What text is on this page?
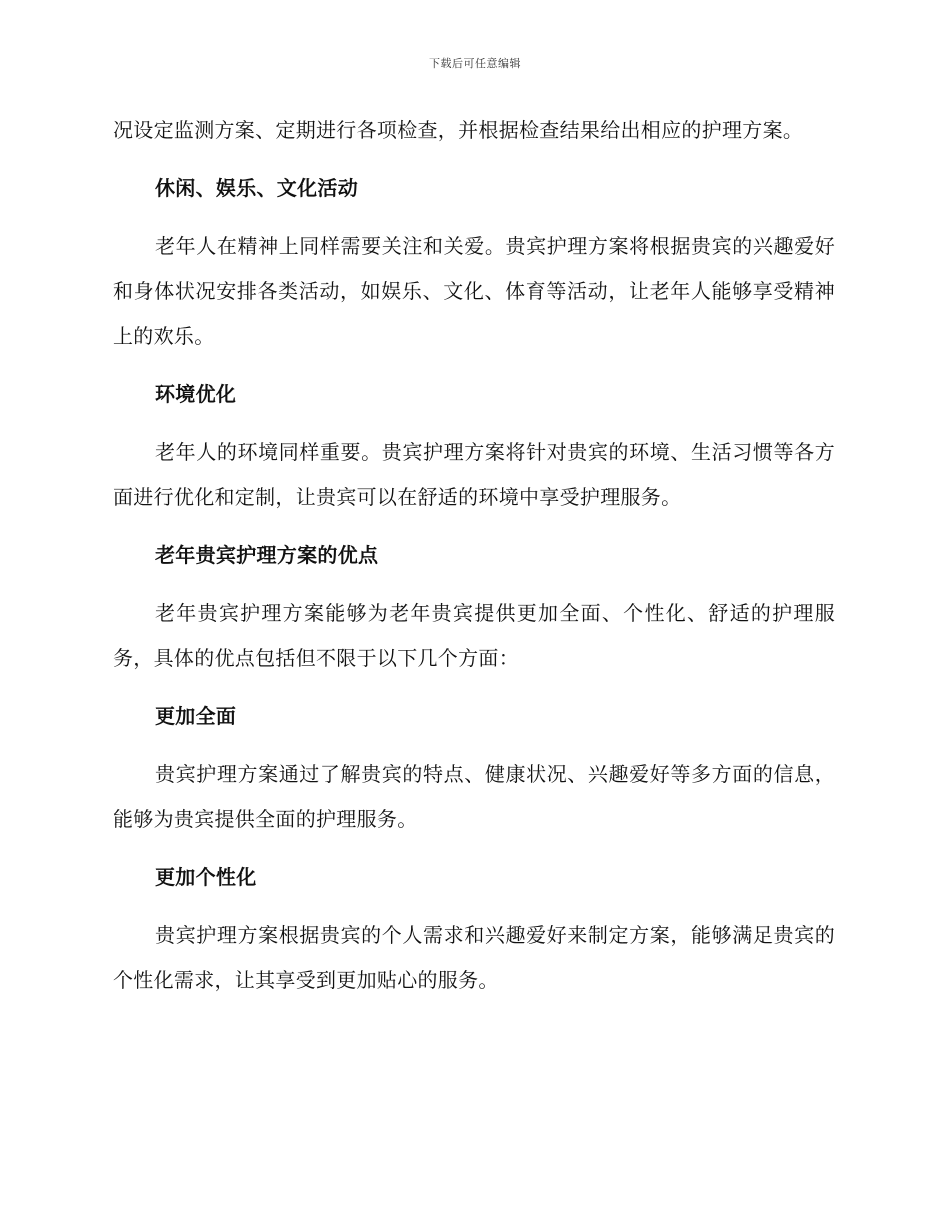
下载后可任意编辑

况设定监测方案、定期进行各项检查，并根据检查结果给出相应的护理方案。

休闲、娱乐、文化活动

老年人在精神上同样需要关注和关爱。贵宾护理方案将根据贵宾的兴趣爱好和身体状况安排各类活动，如娱乐、文化、体育等活动，让老年人能够享受精神上的欢乐。

环境优化

老年人的环境同样重要。贵宾护理方案将针对贵宾的环境、生活习惯等各方面进行优化和定制，让贵宾可以在舒适的环境中享受护理服务。

老年贵宾护理方案的优点

老年贵宾护理方案能够为老年贵宾提供更加全面、个性化、舒适的护理服务，具体的优点包括但不限于以下几个方面：

更加全面

贵宾护理方案通过了解贵宾的特点、健康状况、兴趣爱好等多方面的信息，能够为贵宾提供全面的护理服务。

更加个性化

贵宾护理方案根据贵宾的个人需求和兴趣爱好来制定方案，能够满足贵宾的个性化需求，让其享受到更加贴心的服务。
